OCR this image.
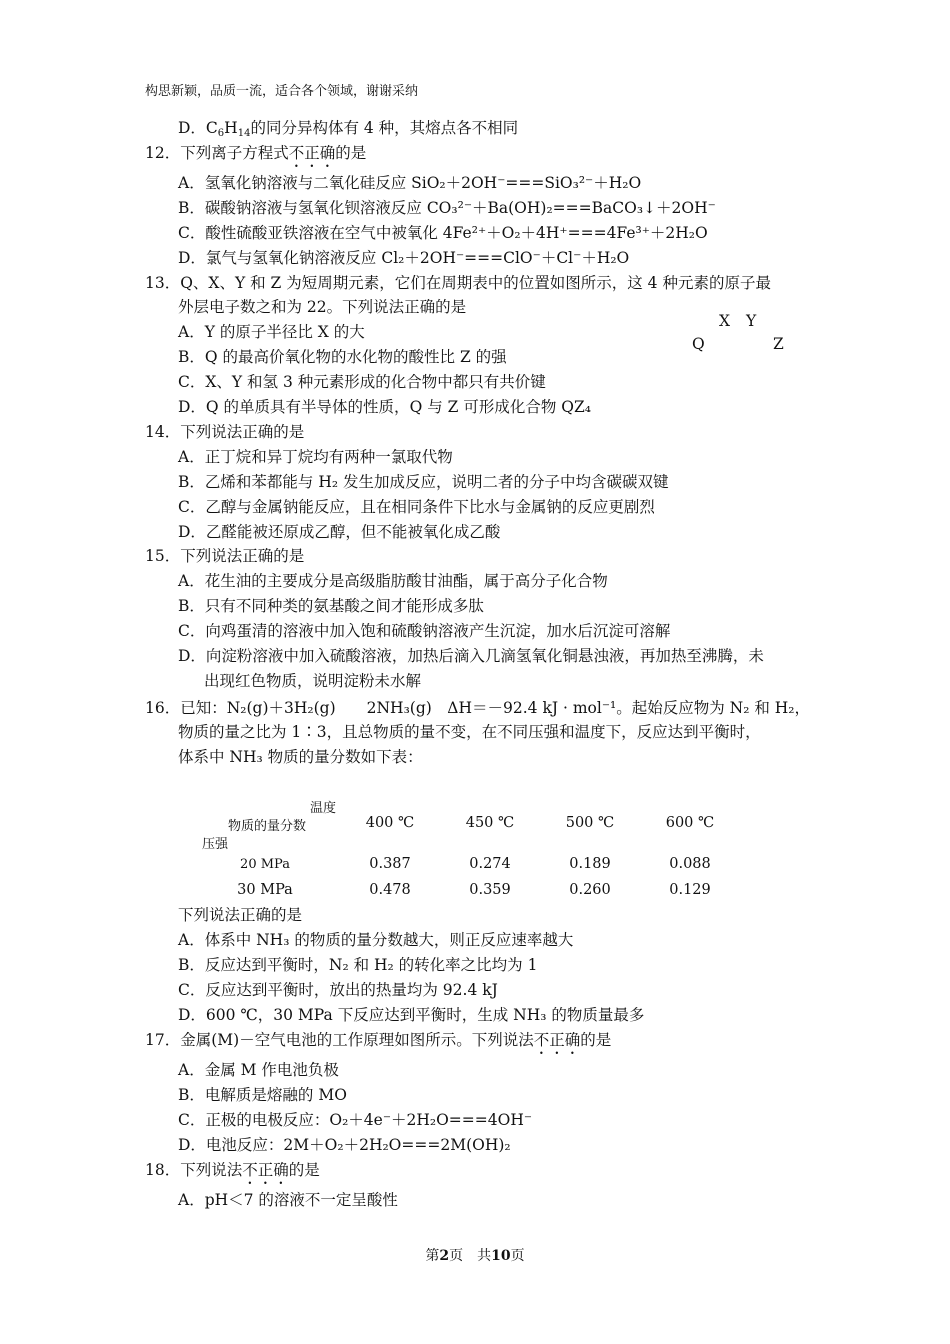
构思新颖，品质一流，适合各个领域，谢谢采纳
D．$C_6H_{14}$的同分异构体有 4 种，其熔点各不相同
12．下列离子方程式不正确的是
A．氢氧化钠溶液与二氧化硅反应 SiO₂＋2OH⁻===SiO₃²⁻＋H₂O
B．碳酸钠溶液与氢氧化钡溶液反应 CO₃²⁻＋Ba(OH)₂===BaCO₃↓＋2OH⁻
C．酸性硫酸亚铁溶液在空气中被氧化 4Fe²⁺＋O₂＋4H⁺===4Fe³⁺＋2H₂O
D．氯气与氢氧化钠溶液反应 Cl₂＋2OH⁻===ClO⁻＋Cl⁻＋H₂O
13．Q、X、Y 和 Z 为短周期元素，它们在周期表中的位置如图所示，这 4 种元素的原子最
外层电子数之和为 22。下列说法正确的是
X Y
Q	Z
A．Y 的原子半径比 X 的大
B．Q 的最高价氧化物的水化物的酸性比 Z 的强
C．X、Y 和氢 3 种元素形成的化合物中都只有共价键
D．Q 的单质具有半导体的性质，Q 与 Z 可形成化合物 QZ₄
14．下列说法正确的是
A．正丁烷和异丁烷均有两种一氯取代物
B．乙烯和苯都能与 H₂ 发生加成反应，说明二者的分子中均含碳碳双键
C．乙醇与金属钠能反应，且在相同条件下比水与金属钠的反应更剧烈
D．乙醛能被还原成乙醇，但不能被氧化成乙酸
15．下列说法正确的是
A．花生油的主要成分是高级脂肪酸甘油酯，属于高分子化合物
B．只有不同种类的氨基酸之间才能形成多肽
C．向鸡蛋清的溶液中加入饱和硫酸钠溶液产生沉淀，加水后沉淀可溶解
D．向淀粉溶液中加入硫酸溶液，加热后滴入几滴氢氧化铜悬浊液，再加热至沸腾，未
出现红色物质，说明淀粉未水解
16．已知：N₂(g)＋3H₂(g)　　2NH₃(g)　ΔH＝－92.4 kJ · mol⁻¹。起始反应物为 N₂ 和 H₂，
物质的量之比为 1∶3，且总物质的量不变，在不同压强和温度下，反应达到平衡时，
体系中 NH₃ 物质的量分数如下表：
温度
物质的量分数
压强	400 ℃	450 ℃	500 ℃	600 ℃
20 MPa	0.387	0.274	0.189	0.088
30 MPa	0.478	0.359	0.260	0.129
下列说法正确的是
A．体系中 NH₃ 的物质的量分数越大，则正反应速率越大
B．反应达到平衡时，N₂ 和 H₂ 的转化率之比均为 1
C．反应达到平衡时，放出的热量均为 92.4 kJ
D．600 ℃，30 MPa 下反应达到平衡时，生成 NH₃ 的物质量最多
17．金属(M)－空气电池的工作原理如图所示。下列说法不正确的是
A．金属 M 作电池负极
B．电解质是熔融的 MO
C．正极的电极反应：O₂＋4e⁻＋2H₂O===4OH⁻
D．电池反应：2M＋O₂＋2H₂O===2M(OH)₂
18．下列说法不正确的是
A．pH＜7 的溶液不一定呈酸性
第2页　共10页
